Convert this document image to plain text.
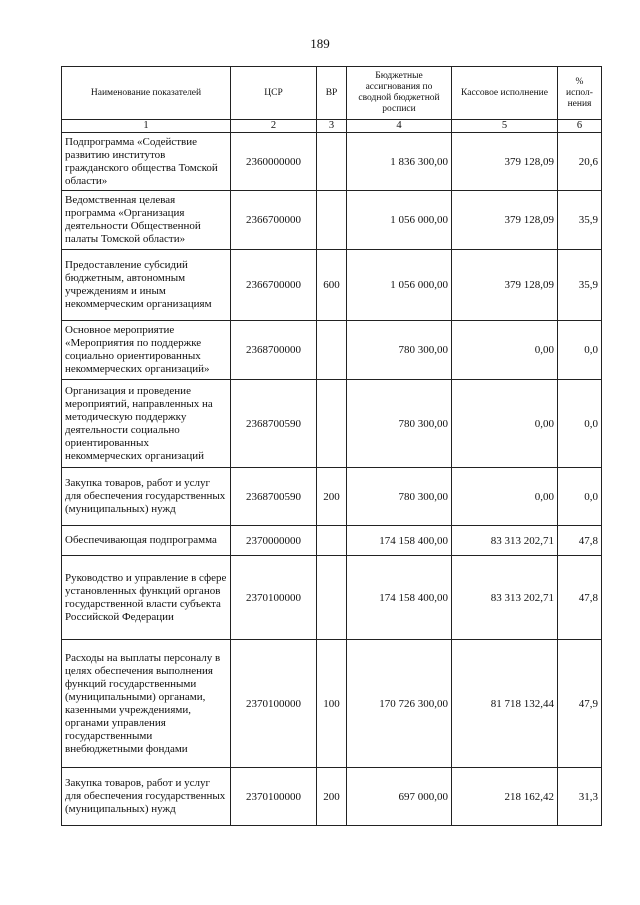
189
Наименование показателей	ЦСР	ВР	Бюджетные ассигнования по сводной бюджетной росписи	Кассовое исполнение	% испол-нения
1	2	3	4	5	6
Подпрограмма «Содействие развитию институтов гражданского общества Томской области»	2360000000		1 836 300,00	379 128,09	20,6
Ведомственная целевая программа «Организация деятельности Общественной палаты Томской области»	2366700000		1 056 000,00	379 128,09	35,9
Предоставление субсидий бюджетным, автономным учреждениям и иным некоммерческим организациям	2366700000	600	1 056 000,00	379 128,09	35,9
Основное мероприятие «Мероприятия по поддержке социально ориентированных некоммерческих организаций»	2368700000		780 300,00	0,00	0,0
Организация и проведение мероприятий, направленных на методическую поддержку деятельности социально ориентированных некоммерческих организаций	2368700590		780 300,00	0,00	0,0
Закупка товаров, работ и услуг для обеспечения государственных (муниципальных) нужд	2368700590	200	780 300,00	0,00	0,0
Обеспечивающая подпрограмма	2370000000		174 158 400,00	83 313 202,71	47,8
Руководство и управление в сфере установленных функций органов государственной власти субъекта Российской Федерации	2370100000		174 158 400,00	83 313 202,71	47,8
Расходы на выплаты персоналу в целях обеспечения выполнения функций государственными (муниципальными) органами, казенными учреждениями, органами управления государственными внебюджетными фондами	2370100000	100	170 726 300,00	81 718 132,44	47,9
Закупка товаров, работ и услуг для обеспечения государственных (муниципальных) нужд	2370100000	200	697 000,00	218 162,42	31,3
